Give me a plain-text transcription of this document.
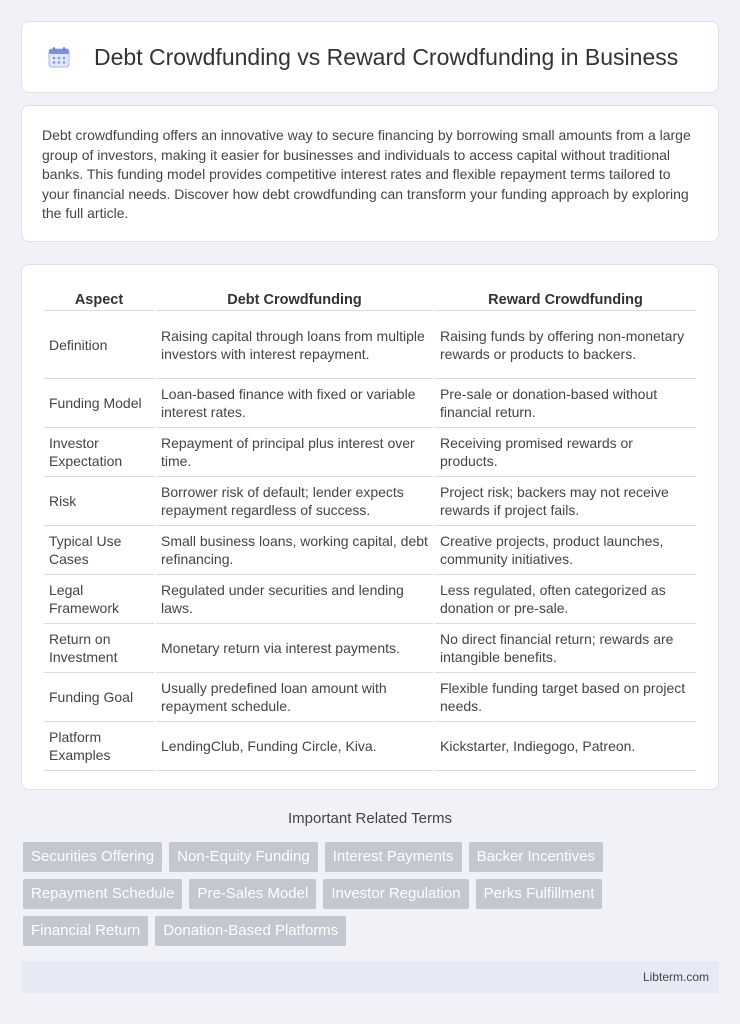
Debt Crowdfunding vs Reward Crowdfunding in Business

Debt crowdfunding offers an innovative way to secure financing by borrowing small amounts from a large group of investors, making it easier for businesses and individuals to access capital without traditional banks. This funding model provides competitive interest rates and flexible repayment terms tailored to your financial needs. Discover how debt crowdfunding can transform your funding approach by exploring the full article.

Aspect	Debt Crowdfunding	Reward Crowdfunding
Definition	Raising capital through loans from multiple investors with interest repayment.	Raising funds by offering non-monetary rewards or products to backers.
Funding Model	Loan-based finance with fixed or variable interest rates.	Pre-sale or donation-based without financial return.
Investor Expectation	Repayment of principal plus interest over time.	Receiving promised rewards or products.
Risk	Borrower risk of default; lender expects repayment regardless of success.	Project risk; backers may not receive rewards if project fails.
Typical Use Cases	Small business loans, working capital, debt refinancing.	Creative projects, product launches, community initiatives.
Legal Framework	Regulated under securities and lending laws.	Less regulated, often categorized as donation or pre-sale.
Return on Investment	Monetary return via interest payments.	No direct financial return; rewards are intangible benefits.
Funding Goal	Usually predefined loan amount with repayment schedule.	Flexible funding target based on project needs.
Platform Examples	LendingClub, Funding Circle, Kiva.	Kickstarter, Indiegogo, Patreon.
Important Related Terms
Securities Offering	Non-Equity Funding	Interest Payments	Backer Incentives
Repayment Schedule	Pre-Sales Model	Investor Regulation	Perks Fulfillment
Financial Return	Donation-Based Platforms
Libterm.com
